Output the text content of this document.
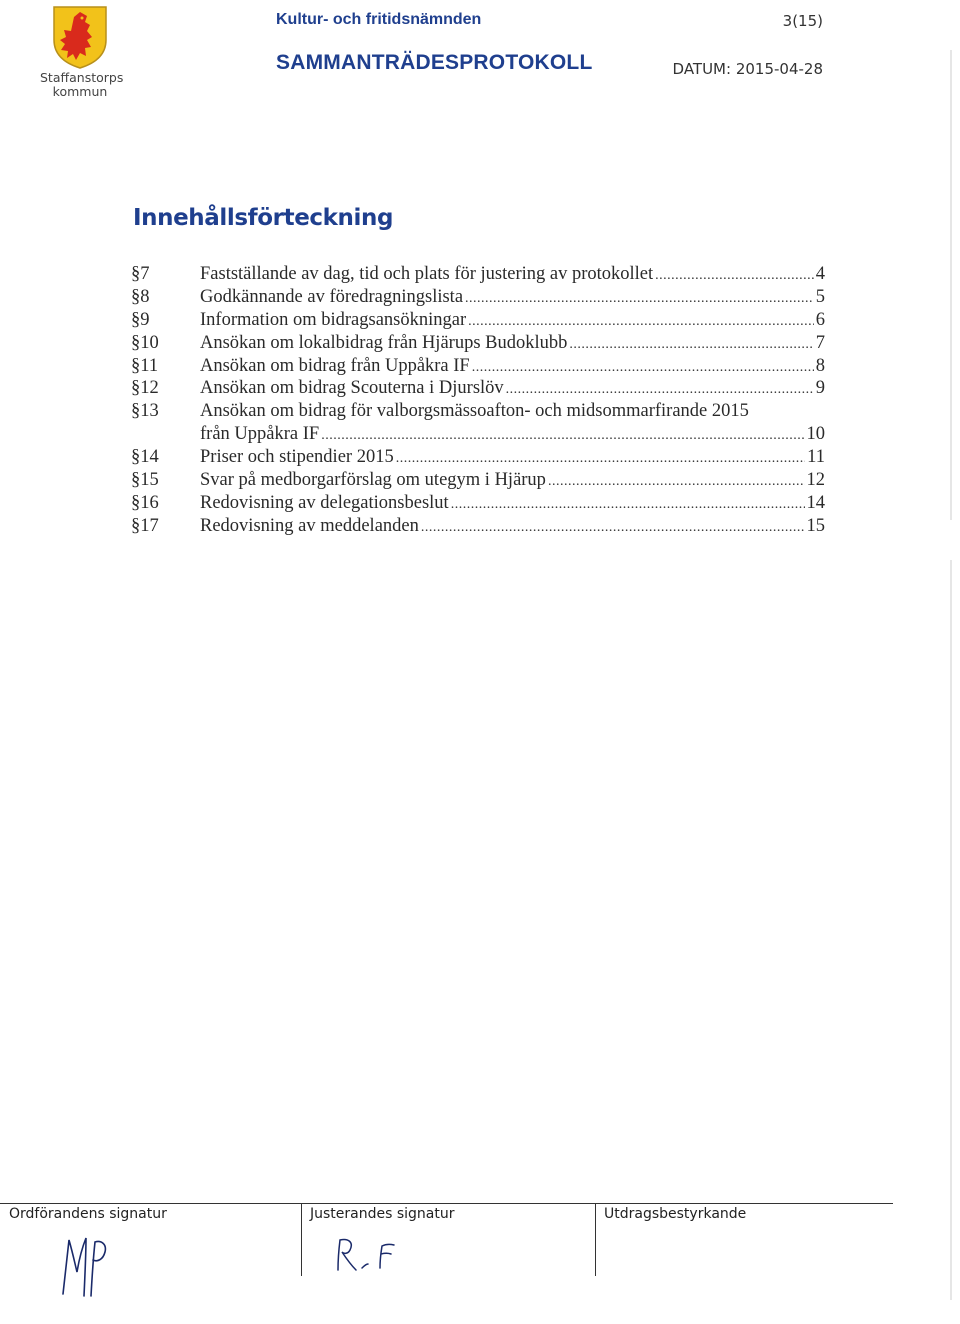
Staffanstorps
kommun
Kultur- och fritidsnämnden	3(15)
SAMMANTRÄDESPROTOKOLL	DATUM: 2015-04-28
Innehållsförteckning
§7	Fastställande av dag, tid och plats för justering av protokollet .....	4
§8	Godkännande av föredragningslista .....	5
§9	Information om bidragsansökningar .....	6
§10	Ansökan om lokalbidrag från Hjärups Budoklubb .....	7
§11	Ansökan om bidrag från Uppåkra IF .....	8
§12	Ansökan om bidrag Scouterna i Djurslöv .....	9
§13	Ansökan om bidrag för valborgsmässoafton- och midsommarfirande 2015
från Uppåkra IF .....	10
§14	Priser och stipendier 2015 .....	11
§15	Svar på medborgarförslag om utegym i Hjärup .....	12
§16	Redovisning av delegationsbeslut .....	14
§17	Redovisning av meddelanden .....	15
Ordförandens signatur	Justerandes signatur	Utdragsbestyrkande
